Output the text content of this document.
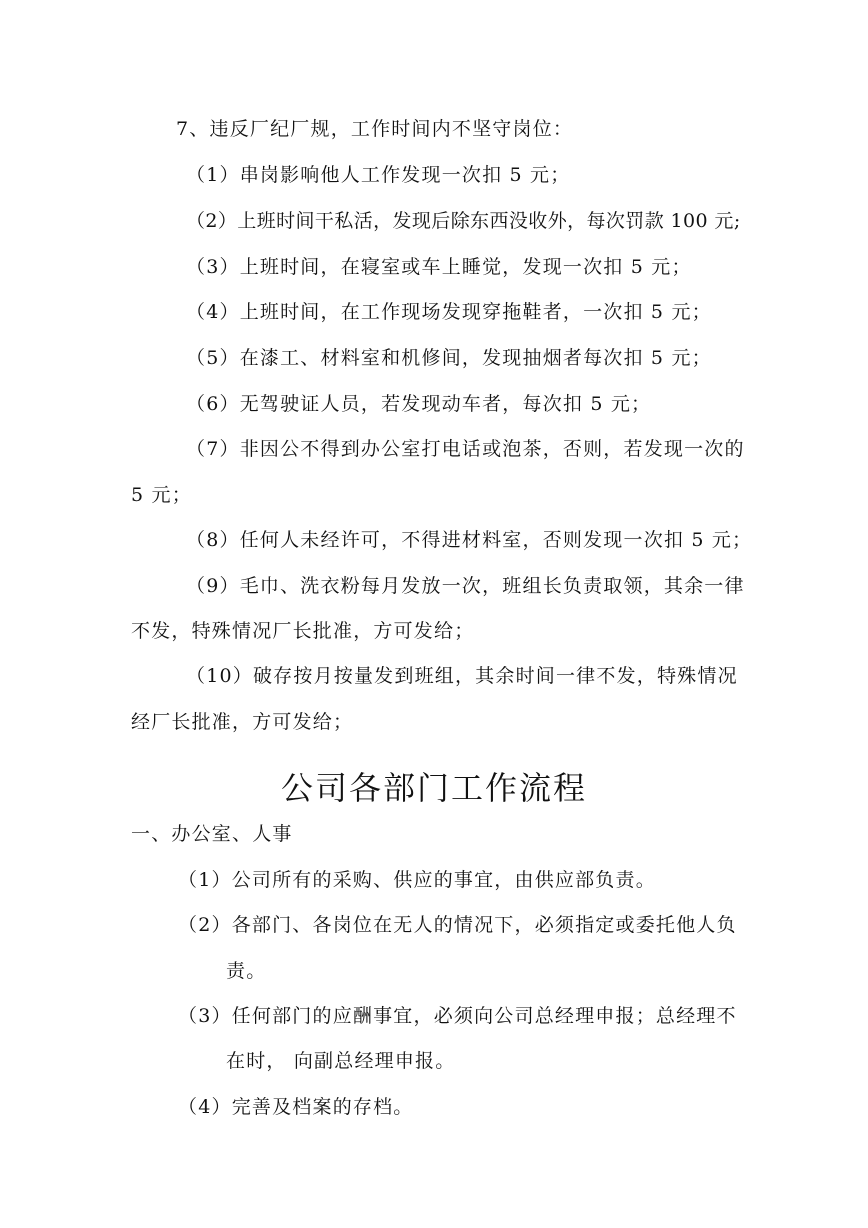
7、违反厂纪厂规，工作时间内不坚守岗位：
（1）串岗影响他人工作发现一次扣 5 元；
（2）上班时间干私活，发现后除东西没收外，每次罚款 100 元;
（3）上班时间，在寝室或车上睡觉，发现一次扣 5 元；
（4）上班时间，在工作现场发现穿拖鞋者，一次扣 5 元；
（5）在漆工、材料室和机修间，发现抽烟者每次扣 5 元；
（6）无驾驶证人员，若发现动车者，每次扣 5 元；
（7）非因公不得到办公室打电话或泡茶，否则，若发现一次的
5 元；
（8）任何人未经许可，不得进材料室，否则发现一次扣 5 元；
（9）毛巾、洗衣粉每月发放一次，班组长负责取领，其余一律
不发，特殊情况厂长批准，方可发给；
（10）破存按月按量发到班组，其余时间一律不发，特殊情况
经厂长批准，方可发给；
公司各部门工作流程
一、办公室、人事
（1）公司所有的采购、供应的事宜，由供应部负责。
（2）各部门、各岗位在无人的情况下，必须指定或委托他人负
责。
（3）任何部门的应酬事宜，必须向公司总经理申报；总经理不
在时， 向副总经理申报。
（4）完善及档案的存档。
